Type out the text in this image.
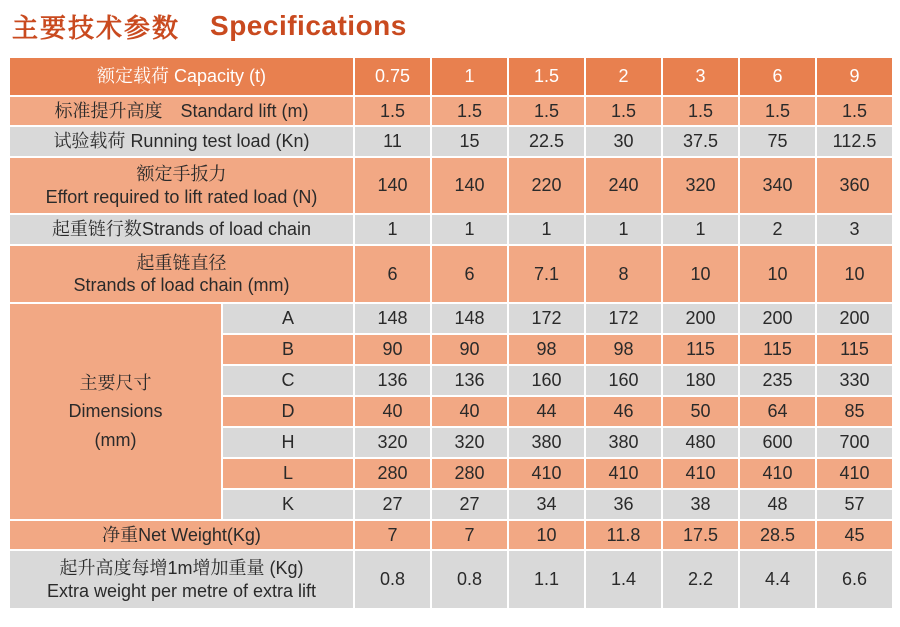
主要技术参数 Specifications
额定载荷 Capacity (t)		0.75	1	1.5	2	3	6	9

标准提升高度　Standard lift (m)		1.5	1.5	1.5	1.5	1.5	1.5	1.5

试验载荷 Running test load (Kn)		11	15	22.5	30	37.5	75	112.5

额定手扳力
Effort required to lift rated load (N)		140	140	220	240	320	340	360

起重链行数Strands of load chain		1	1	1	1	1	2	3

起重链直径
Strands of load chain (mm)		6	6	7.1	8	10	10	10

主要尺寸
Dimensions
(mm)	A	148	148	172	172	200	200	200
	B	90	90	98	98	115	115	115
	C	136	136	160	160	180	235	330
	D	40	40	44	46	50	64	85
	H	320	320	380	380	480	600	700
	L	280	280	410	410	410	410	410
	K	27	27	34	36	38	48	57

净重Net Weight(Kg)		7	7	10	11.8	17.5	28.5	45

起升高度每增1m增加重量 (Kg)
Extra weight per metre of extra lift		0.8	0.8	1.1	1.4	2.2	4.4	6.6
